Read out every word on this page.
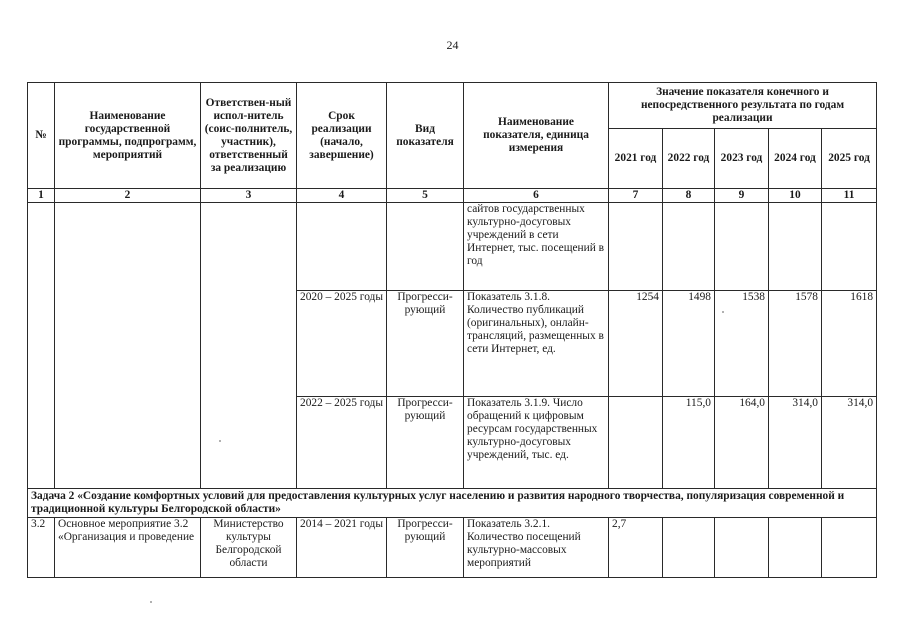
24
№	Наименование государственной программы, подпрограмм, мероприятий	Ответствен-ный испол-нитель (соис-полнитель, участник), ответственный за реализацию	Срок реализации (начало, завершение)	Вид показателя	Наименование показателя, единица измерения	Значение показателя конечного и непосредственного результата по годам реализации				
						2021 год	2022 год	2023 год	2024 год	2025 год
1	2	3	4	5	6	7	8	9	10	11
					сайтов государственных культурно-досуговых учреждений в сети Интернет, тыс. посещений в год					
			2020 – 2025 годы	Прогресси-рующий	Показатель 3.1.8. Количество публикаций (оригинальных), онлайн-трансляций, размещенных в сети Интернет, ед.	1254	1498	1538	1578	1618
			2022 – 2025 годы	Прогресси-рующий	Показатель 3.1.9. Число обращений к цифровым ресурсам государственных культурно-досуговых учреждений, тыс. ед.		115,0	164,0	314,0	314,0
Задача 2 «Создание комфортных условий для предоставления культурных услуг населению и развития народного творчества, популяризация современной и традиционной культуры Белгородской области»										
3.2	Основное мероприятие 3.2 «Организация и проведение	Министерство культуры Белгородской области	2014 – 2021 годы	Прогресси-рующий	Показатель 3.2.1. Количество посещений культурно-массовых мероприятий	2,7				
